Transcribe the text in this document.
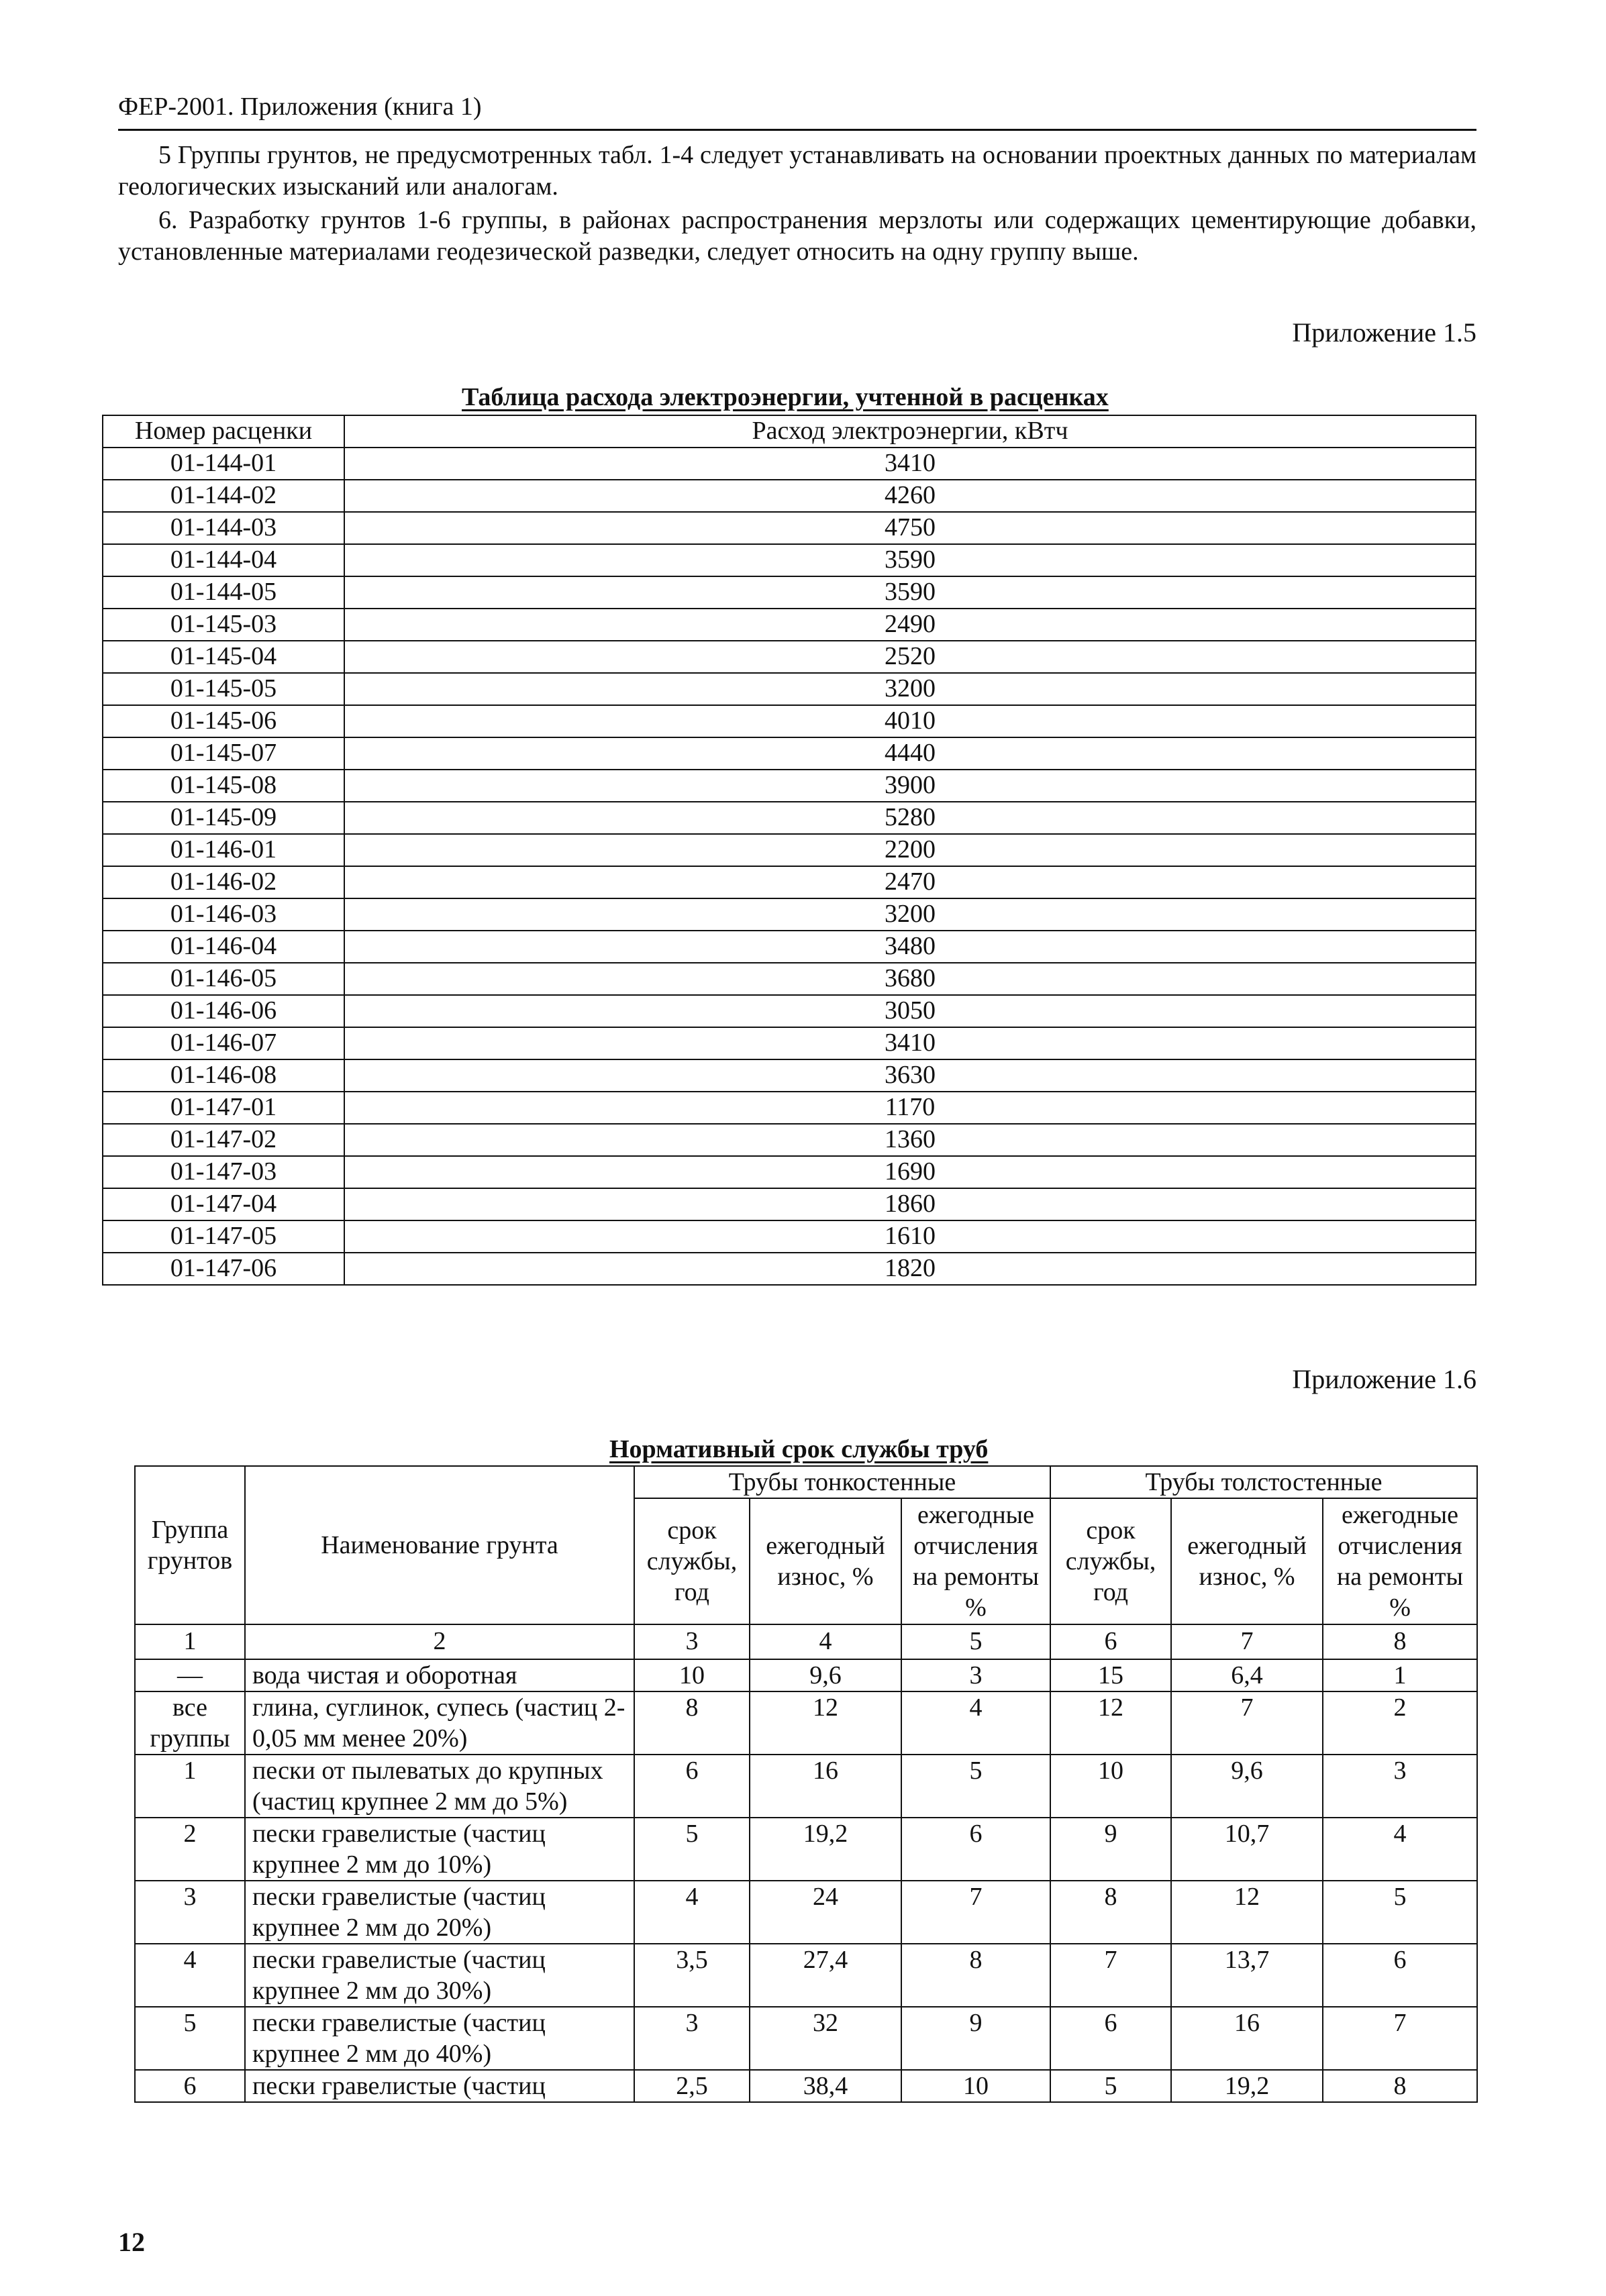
ФЕР-2001. Приложения (книга 1)
5 Группы грунтов, не предусмотренных табл. 1-4 следует устанавливать на основании проектных данных по материалам геологических изысканий или аналогам.
6. Разработку грунтов 1-6 группы, в районах распространения мерзлоты или содержащих цементирующие добавки, установленные материалами геодезической разведки, следует относить на одну группу выше.
Приложение 1.5
Таблица расхода электроэнергии, учтенной в расценках
Номер расценки	Расход электроэнергии, кВтч
01-144-01	3410
01-144-02	4260
01-144-03	4750
01-144-04	3590
01-144-05	3590
01-145-03	2490
01-145-04	2520
01-145-05	3200
01-145-06	4010
01-145-07	4440
01-145-08	3900
01-145-09	5280
01-146-01	2200
01-146-02	2470
01-146-03	3200
01-146-04	3480
01-146-05	3680
01-146-06	3050
01-146-07	3410
01-146-08	3630
01-147-01	1170
01-147-02	1360
01-147-03	1690
01-147-04	1860
01-147-05	1610
01-147-06	1820
Приложение 1.6
Нормативный срок службы труб
Группа грунтов	Наименование грунта	Трубы тонкостенные			Трубы толстостенные		
		срок службы, год	ежегодный износ, %	ежегодные отчисления на ремонты %	срок службы, год	ежегодный износ, %	ежегодные отчисления на ремонты %
1	2	3	4	5	6	7	8
—	вода чистая и оборотная	10	9,6	3	15	6,4	1
все группы	глина, суглинок, супесь (частиц 2-0,05 мм менее 20%)	8	12	4	12	7	2
1	пески от пылеватых до крупных (частиц крупнее 2 мм до 5%)	6	16	5	10	9,6	3
2	пески гравелистые (частиц крупнее 2 мм до 10%)	5	19,2	6	9	10,7	4
3	пески гравелистые (частиц крупнее 2 мм до 20%)	4	24	7	8	12	5
4	пески гравелистые (частиц крупнее 2 мм до 30%)	3,5	27,4	8	7	13,7	6
5	пески гравелистые (частиц крупнее 2 мм до 40%)	3	32	9	6	16	7
6	пески гравелистые (частиц	2,5	38,4	10	5	19,2	8
12
